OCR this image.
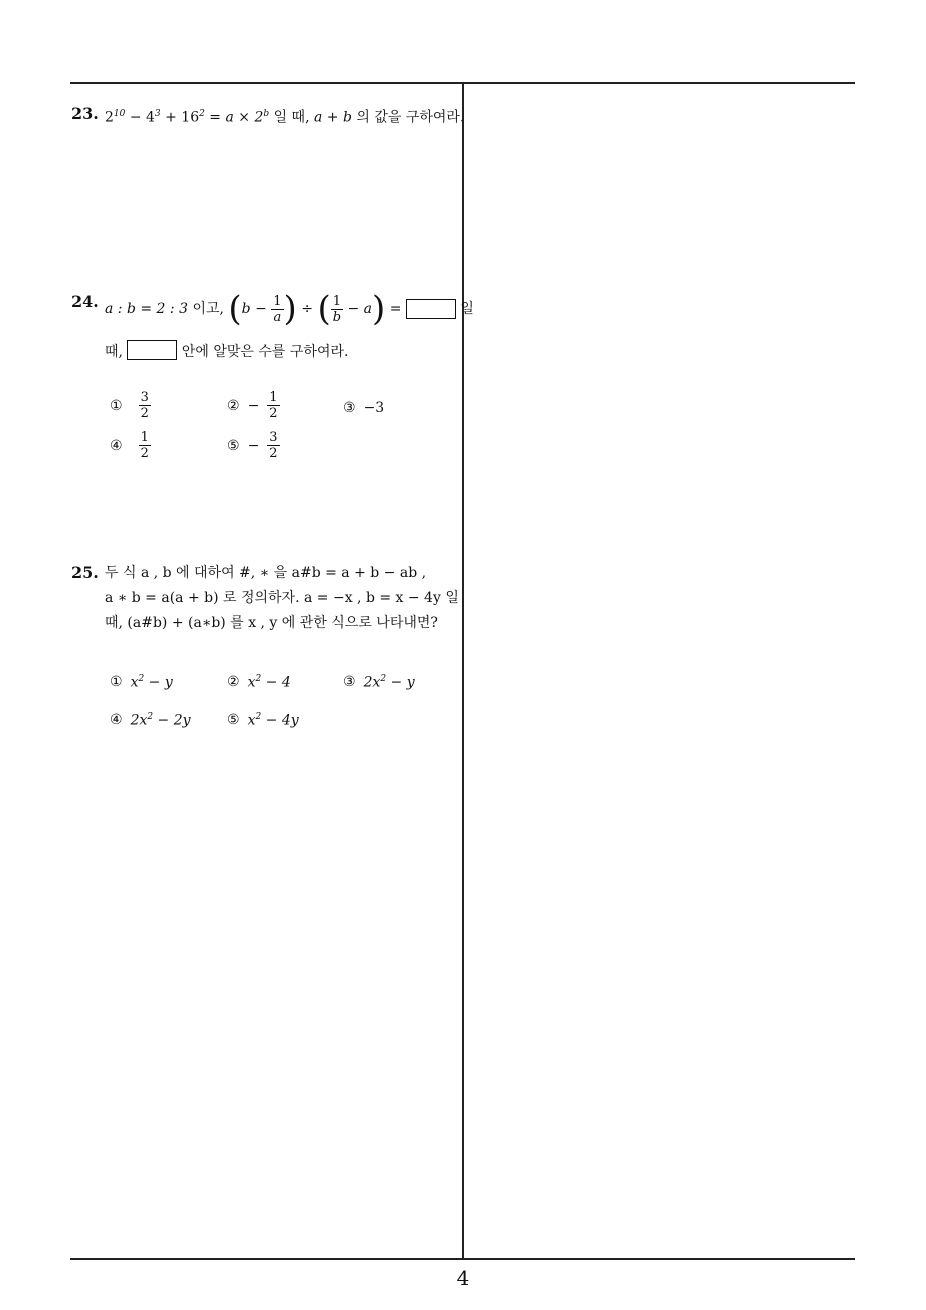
23. $2^{10} - 4^3 + 16^2 = a \times 2^b$ 일 때, a + b 의 값을 구하여라.
24. a : b = 2 : 3 이고, ( $b - \frac{1}{a}$ ) ÷ ( $\frac{1}{b} - a$ ) =	일
때,	안에 알맞은 수를 구하여라.
① $\frac{3}{2}$	② − $\frac{1}{2}$	③ −3
④ $\frac{1}{2}$	⑤ − $\frac{3}{2}$
25. 두 식 a , b 에 대하여 #, ∗ 을 a#b = a + b − ab ,
a ∗ b = a(a + b) 로 정의하자. a = −x , b = x − 4y 일
때, (a#b) + (a∗b) 를 x , y 에 관한 식으로 나타내면?
① $x^2 - y$	② $x^2 - 4$	③ $2x^2 - y$
④ $2x^2 - 2y$	⑤ $x^2 - 4y$
4
